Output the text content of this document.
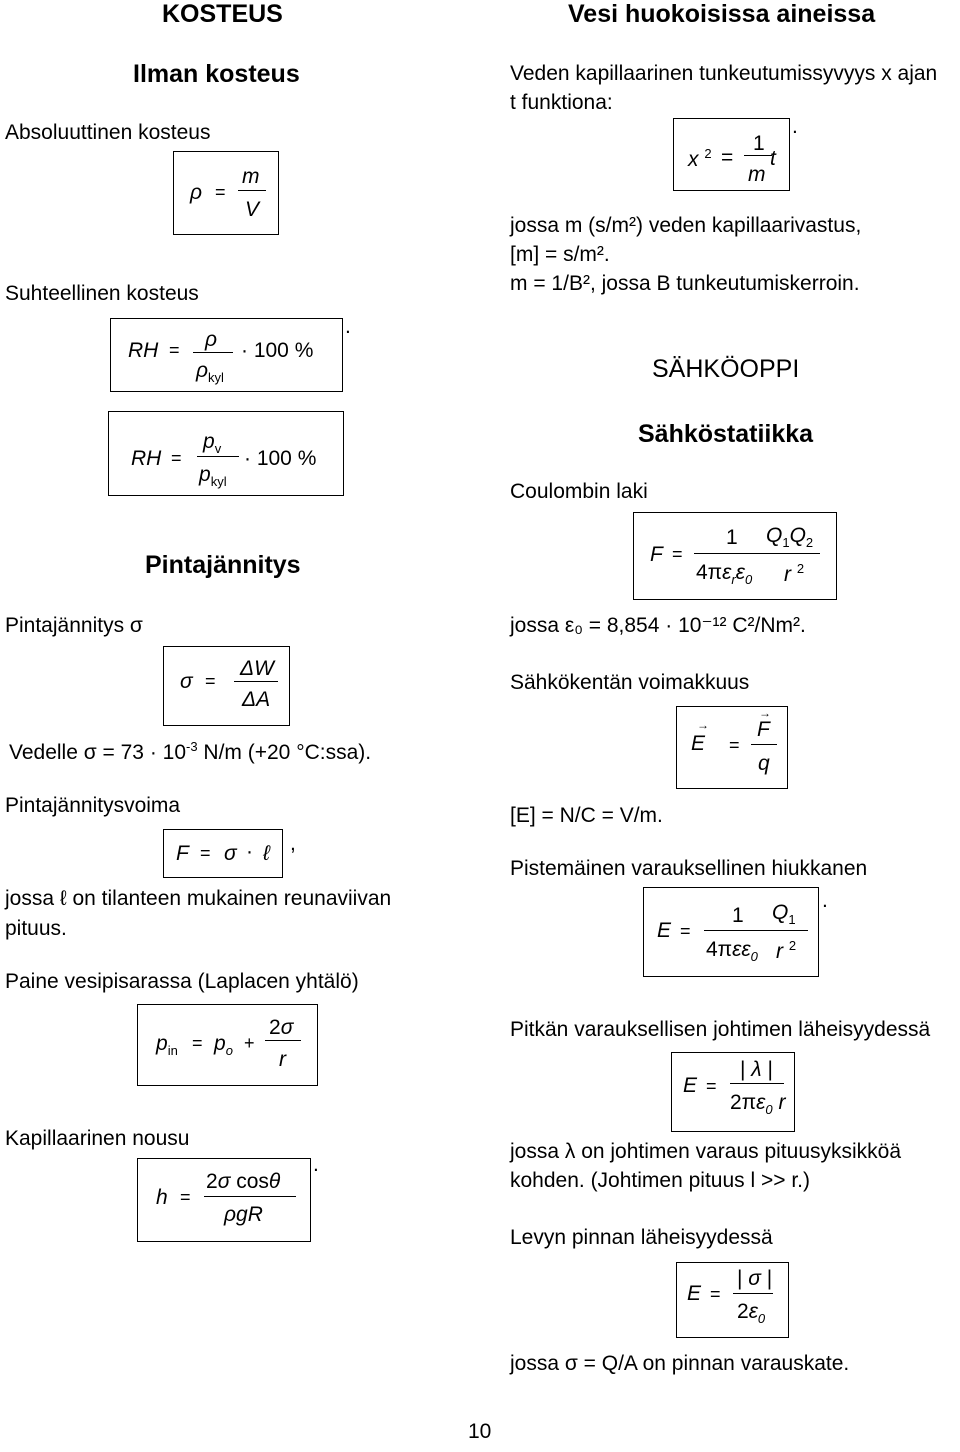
KOSTEUS
Ilman kosteus
Absoluuttinen kosteus
ρ =
m
V
Suhteellinen kosteus
RH = ρ
$\rho_{kyl}$
· 100 %
.
RH =
$p_v$
$p_{kyl}$
· 100 %
Pintajännitys
Pintajännitys σ
σ =
ΔW
ΔA
Vedelle $\sigma = 73 \cdot 10^{-3}$ N/m (+20 °C:ssa).
Pintajännitysvoima
F = σ · ℓ ,
jossa ℓ on tilanteen mukainen reunaviivan
pituus.
Paine vesipisarassa (Laplacen yhtälö)
$p_{in} = p_o$ +
2σ
r
Kapillaarinen nousu
h =
2σ cosθ
ρgR
.
Vesi huokoisissa aineissa
Veden kapillaarinen tunkeutumissyvyys x ajan
t funktiona:
x $^2$ =
1
m
t
.
jossa m (s/m²) veden kapillaarivastus,
[m] = s/m².
m = 1/B², jossa B tunkeutumiskerroin.
SÄHKÖOPPI
Sähköstatiikka
Coulombin laki
F =
1
$4\pi\varepsilon_r\varepsilon_0$
$Q_1Q_2$
r $^2$
jossa ε₀ = 8,854 · 10⁻¹² C²/Nm².
Sähkökentän voimakkuus
E
→
=
F
→
q
[E] = N/C = V/m.
Pistemäinen varauksellinen hiukkanen
E =
1
4πεε$_0$
$Q_1$
r $^2$
.
Pitkän varauksellisen johtimen läheisyydessä
E =
| λ |
$2\pi\varepsilon_0$ r
jossa λ on johtimen varaus pituusyksikköä
kohden. (Johtimen pituus l >> r.)
Levyn pinnan läheisyydessä
E =
| σ |
$2\varepsilon_0$
jossa σ = Q/A on pinnan varauskate.
10
